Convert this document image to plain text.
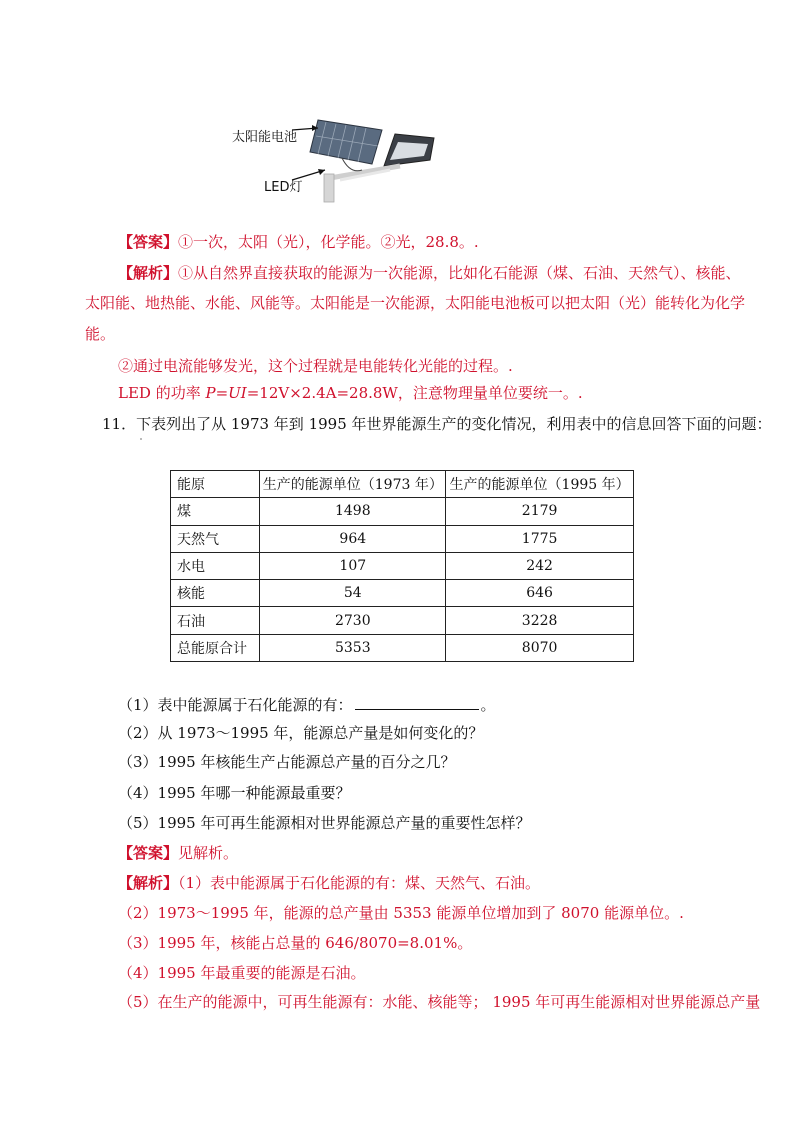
太阳能电池
LED灯
【答案】①一次，太阳（光），化学能。②光，28.8。.
【解析】①从自然界直接获取的能源为一次能源，比如化石能源（煤、石油、天然气）、核能、
太阳能、地热能、水能、风能等。太阳能是一次能源，太阳能电池板可以把太阳（光）能转化为化学
能。
②通过电流能够发光，这个过程就是电能转化光能的过程。.
LED 的功率 P=UI=12V×2.4A=28.8W，注意物理量单位要统一。.
11．下表列出了从 1973 年到 1995 年世界能源生产的变化情况，利用表中的信息回答下面的问题：
能原	生产的能源单位（1973 年）	生产的能源单位（1995 年）
煤	1498	2179
天然气	964	1775
水电	107	242
核能	54	646
石油	2730	3228
总能原合计	5353	8070
（1）表中能源属于石化能源的有：	。
（2）从 1973～1995 年，能源总产量是如何变化的？
（3）1995 年核能生产占能源总产量的百分之几？
（4）1995 年哪一种能源最重要？
（5）1995 年可再生能源相对世界能源总产量的重要性怎样？
【答案】见解析。
【解析】（1）表中能源属于石化能源的有：煤、天然气、石油。
（2）1973～1995 年，能源的总产量由 5353 能源单位增加到了 8070 能源单位。.
（3）1995 年，核能占总量的 646/8070=8.01%。
（4）1995 年最重要的能源是石油。
（5）在生产的能源中，可再生能源有：水能、核能等； 1995 年可再生能源相对世界能源总产量
